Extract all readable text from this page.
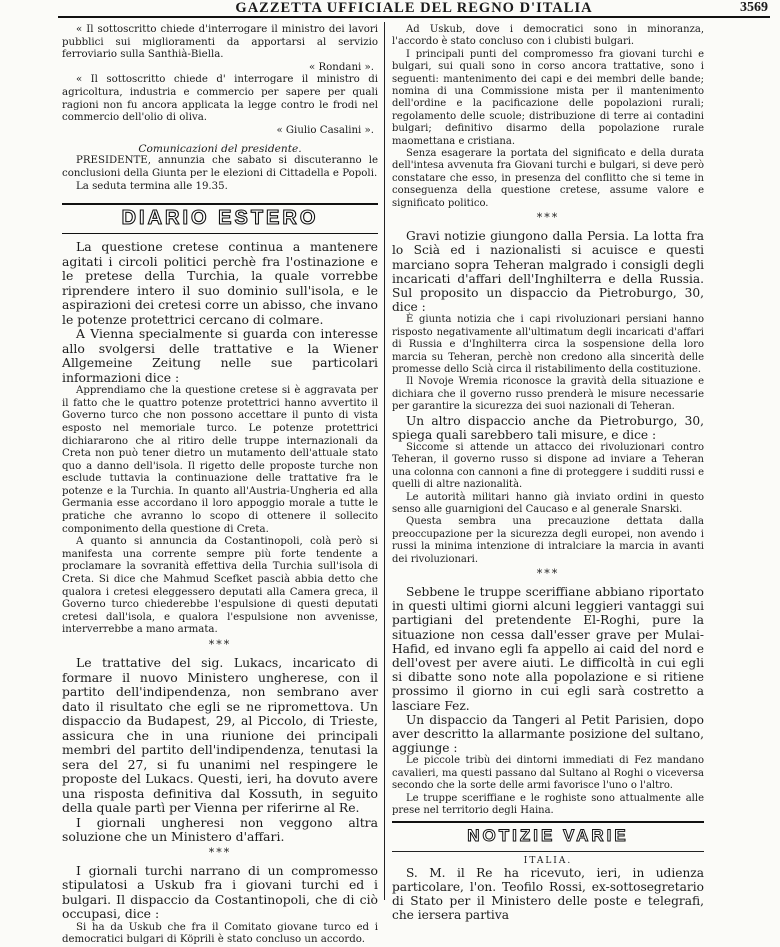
GAZZETTA UFFICIALE DEL REGNO D'ITALIA	3569

« Il sottoscritto chiede d'interrogare il ministro dei lavori pubblici sui miglioramenti da apportarsi al servizio ferroviario sulla Santhià-Biella.

« Rondani ».

« Il sottoscritto chiede d' interrogare il ministro di agricoltura, industria e commercio per sapere per quali ragioni non fu ancora applicata la legge contro le frodi nel commercio dell'olio di oliva.

« Giulio Casalini ».

Comunicazioni del presidente.

PRESIDENTE, annunzia che sabato si discuteranno le conclusioni della Giunta per le elezioni di Cittadella e Popoli.

La seduta termina alle 19.35.

DIARIO ESTERO

La questione cretese continua a mantenere agitati i circoli politici perchè fra l'ostinazione e le pretese della Turchia, la quale vorrebbe riprendere intero il suo dominio sull'isola, e le aspirazioni dei cretesi corre un abisso, che invano le potenze protettrici cercano di colmare.

A Vienna specialmente si guarda con interesse allo svolgersi delle trattative e la Wiener Allgemeine Zeitung nelle sue particolari informazioni dice :

Apprendiamo che la questione cretese si è aggravata per il fatto che le quattro potenze protettrici hanno avvertito il Governo turco che non possono accettare il punto di vista esposto nel memoriale turco. Le potenze protettrici dichiararono che al ritiro delle truppe internazionali da Creta non può tener dietro un mutamento dell'attuale stato quo a danno dell'isola. Il rigetto delle proposte turche non esclude tuttavia la continuazione delle trattative fra le potenze e la Turchia. In quanto all'Austria-Ungheria ed alla Germania esse accordano il loro appoggio morale a tutte le pratiche che avranno lo scopo di ottenere il sollecito componimento della questione di Creta.

A quanto si annuncia da Costantinopoli, colà però si manifesta una corrente sempre più forte tendente a proclamare la sovranità effettiva della Turchia sull'isola di Creta. Si dice che Mahmud Scefket pascià abbia detto che qualora i cretesi eleggessero deputati alla Camera greca, il Governo turco chiederebbe l'espulsione di questi deputati cretesi dall'isola, e qualora l'espulsione non avvenisse, interverrebbe a mano armata.

***

Le trattative del sig. Lukacs, incaricato di formare il nuovo Ministero ungherese, con il partito dell'indipendenza, non sembrano aver dato il risultato che egli se ne ripromettova. Un dispaccio da Budapest, 29, al Piccolo, di Trieste, assicura che in una riunione dei principali membri del partito dell'indipendenza, tenutasi la sera del 27, si fu unanimi nel respingere le proposte del Lukacs. Questi, ieri, ha dovuto avere una risposta definitiva dal Kossuth, in seguito della quale partì per Vienna per riferirne al Re.

I giornali ungheresi non veggono altra soluzione che un Ministero d'affari.

***

I giornali turchi narrano di un compromesso stipulatosi a Uskub fra i giovani turchi ed i bulgari. Il dispaccio da Costantinopoli, che di ciò occupasi, dice :

Si ha da Uskub che fra il Comitato giovane turco ed i democratici bulgari di Köprili è stato concluso un accordo.

Ad Uskub, dove i democratici sono in minoranza, l'accordo è stato concluso con i clubisti bulgari.

I principali punti del compromesso fra giovani turchi e bulgari, sui quali sono in corso ancora trattative, sono i seguenti: mantenimento dei capi e dei membri delle bande; nomina di una Commissione mista per il mantenimento dell'ordine e la pacificazione delle popolazioni rurali; regolamento delle scuole; distribuzione di terre ai contadini bulgari; definitivo disarmo della popolazione rurale maomettana e cristiana.

Senza esagerare la portata del significato e della durata dell'intesa avvenuta fra Giovani turchi e bulgari, si deve però constatare che esso, in presenza del conflitto che si teme in conseguenza della questione cretese, assume valore e significato politico.

***

Gravi notizie giungono dalla Persia. La lotta fra lo Scià ed i nazionalisti si acuisce e questi marciano sopra Teheran malgrado i consigli degli incaricati d'affari dell'Inghilterra e della Russia. Sul proposito un dispaccio da Pietroburgo, 30, dice :

È giunta notizia che i capi rivoluzionari persiani hanno risposto negativamente all'ultimatum degli incaricati d'affari di Russia e d'Inghilterra circa la sospensione della loro marcia su Teheran, perchè non credono alla sincerità delle promesse dello Scià circa il ristabilimento della costituzione.

Il Novoje Wremia riconosce la gravità della situazione e dichiara che il governo russo prenderà le misure necessarie per garantire la sicurezza dei suoi nazionali di Teheran.

Un altro dispaccio anche da Pietroburgo, 30, spiega quali sarebbero tali misure, e dice :

Siccome si attende un attacco dei rivoluzionari contro Teheran, il governo russo si dispone ad inviare a Teheran una colonna con cannoni a fine di proteggere i sudditi russi e quelli di altre nazionalità.

Le autorità militari hanno già inviato ordini in questo senso alle guarnigioni del Caucaso e al generale Snarski.

Questa sembra una precauzione dettata dalla preoccupazione per la sicurezza degli europei, non avendo i russi la minima intenzione di intralciare la marcia in avanti dei rivoluzionari.

***

Sebbene le truppe sceriffiane abbiano riportato in questi ultimi giorni alcuni leggieri vantaggi sui partigiani del pretendente El-Roghi, pure la situazione non cessa dall'esser grave per Mulai-Hafid, ed invano egli fa appello ai caid del nord e dell'ovest per avere aiuti. Le difficoltà in cui egli si dibatte sono note alla popolazione e si ritiene prossimo il giorno in cui egli sarà costretto a lasciare Fez.

Un dispaccio da Tangeri al Petit Parisien, dopo aver descritto la allarmante posizione del sultano, aggiunge :

Le piccole tribù dei dintorni immediati di Fez mandano cavalieri, ma questi passano dal Sultano al Roghi o viceversa secondo che la sorte delle armi favorisce l'uno o l'altro.

Le truppe sceriffiane e le roghiste sono attualmente alle prese nel territorio degli Haina.

NOTIZIE VARIE

ITALIA.

S. M. il Re ha ricevuto, ieri, in udienza particolare, l'on. Teofilo Rossi, ex-sottosegretario di Stato per il Ministero delle poste e telegrafi, che iersera partiva
